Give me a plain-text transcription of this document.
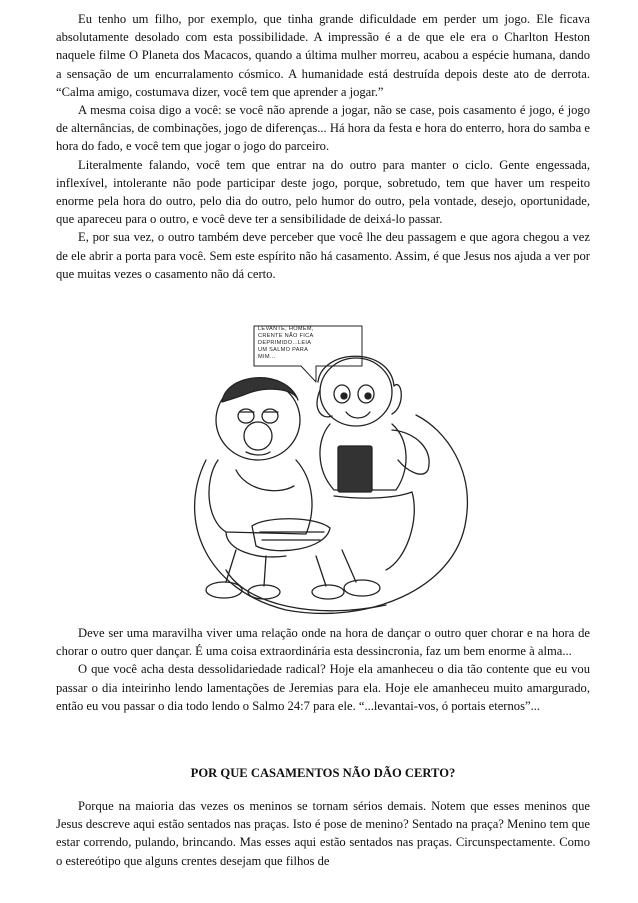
Eu tenho um filho, por exemplo, que tinha grande dificuldade em perder um jogo. Ele ficava absolutamente desolado com esta possibilidade. A impressão é a de que ele era o Charlton Heston naquele filme O Planeta dos Macacos, quando a última mulher morreu, acabou a espécie humana, dando a sensação de um encurralamento cósmico. A humanidade está destruída depois deste ato de derrota. “Calma amigo, costumava dizer, você tem que aprender a jogar.”

A mesma coisa digo a você: se você não aprende a jogar, não se case, pois casamento é jogo, é jogo de alternâncias, de combinações, jogo de diferenças... Há hora da festa e hora do enterro, hora do samba e hora do fado, e você tem que jogar o jogo do parceiro.

Literalmente falando, você tem que entrar na do outro para manter o ciclo. Gente engessada, inflexível, intolerante não pode participar deste jogo, porque, sobretudo, tem que haver um respeito enorme pela hora do outro, pelo dia do outro, pelo humor do outro, pela vontade, desejo, oportunidade, que apareceu para o outro, e você deve ter a sensibilidade de deixá-lo passar.

E, por sua vez, o outro também deve perceber que você lhe deu passagem e que agora chegou a vez de ele abrir a porta para você. Sem este espírito não há casamento. Assim, é que Jesus nos ajuda a ver por que muitas vezes o casamento não dá certo.

LEVANTE, HOMEM,
CRENTE NÃO FICA
DEPRIMIDO...LEIA
UM SALMO PARA
MIM...

Deve ser uma maravilha viver uma relação onde na hora de dançar o outro quer chorar e na hora de chorar o outro quer dançar. É uma coisa extraordinária esta dessincronia, faz um bem enorme à alma...

O que você acha desta dessolidariedade radical? Hoje ela amanheceu o dia tão contente que eu vou passar o dia inteirinho lendo lamentações de Jeremias para ela. Hoje ele amanheceu muito amargurado, então eu vou passar o dia todo lendo o Salmo 24:7 para ele. “...levantai-vos, ó portais eternos”...

POR QUE CASAMENTOS NÃO DÃO CERTO?

Porque na maioria das vezes os meninos se tornam sérios demais. Notem que esses meninos que Jesus descreve aqui estão sentados nas praças. Isto é pose de menino? Sentado na praça? Menino tem que estar correndo, pulando, brincando. Mas esses aqui estão sentados nas praças. Circunspectamente. Como o estereótipo que alguns crentes desejam que filhos de
